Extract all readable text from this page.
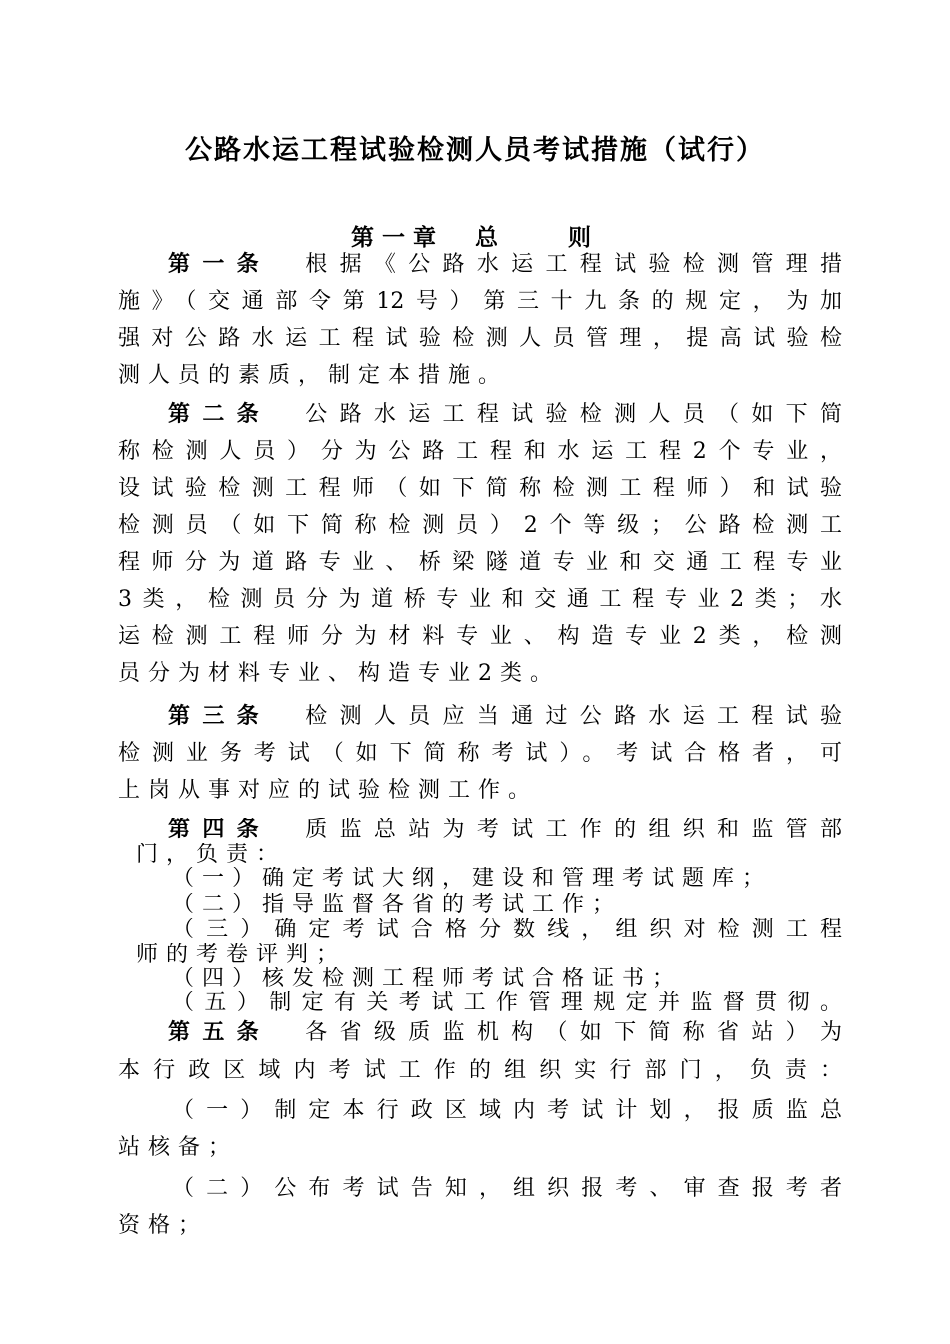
公路水运工程试验检测人员考试措施（试行）
第一章　总　　则
第一条　根据《公路水运工程试验检测管理措
施》（交通部令第12号）第三十九条的规定，为加
强对公路水运工程试验检测人员管理，提高试验检
测人员的素质，制定本措施。
第二条　公路水运工程试验检测人员（如下简
称检测人员）分为公路工程和水运工程2个专业，
设试验检测工程师（如下简称检测工程师）和试验
检测员（如下简称检测员）2个等级；公路检测工
程师分为道路专业、桥梁隧道专业和交通工程专业
3类，检测员分为道桥专业和交通工程专业2类；水
运检测工程师分为材料专业、构造专业2类，检测
员分为材料专业、构造专业2类。
第三条　检测人员应当通过公路水运工程试验
检测业务考试（如下简称考试）。考试合格者，可
上岗从事对应的试验检测工作。
第四条　质监总站为考试工作的组织和监管部
门，负责：
（一）确定考试大纲，建设和管理考试题库；
（二）指导监督各省的考试工作；
（三）确定考试合格分数线，组织对检测工程
师的考卷评判；
（四）核发检测工程师考试合格证书；
（五）制定有关考试工作管理规定并监督贯彻。
第五条　各省级质监机构（如下简称省站）为
本行政区域内考试工作的组织实行部门，负责：
（一）制定本行政区域内考试计划，报质监总
站核备；
（二）公布考试告知，组织报考、审查报考者
资格；
